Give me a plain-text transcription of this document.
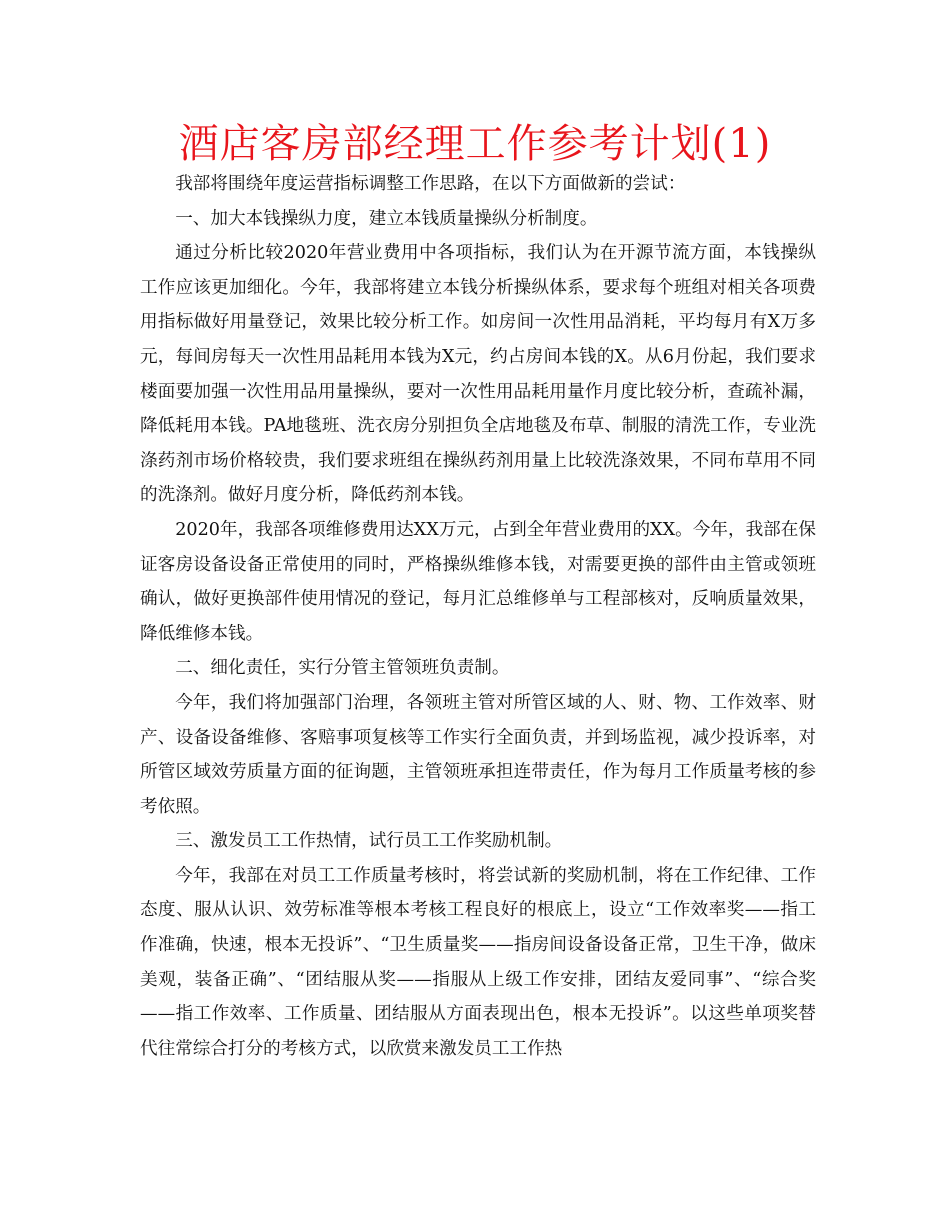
酒店客房部经理工作参考计划(1)

我部将围绕年度运营指标调整工作思路，在以下方面做新的尝试：

一、加大本钱操纵力度，建立本钱质量操纵分析制度。

通过分析比较2020年营业费用中各项指标，我们认为在开源节流方面，本钱操纵工作应该更加细化。今年，我部将建立本钱分析操纵体系，要求每个班组对相关各项费用指标做好用量登记，效果比较分析工作。如房间一次性用品消耗，平均每月有X万多元，每间房每天一次性用品耗用本钱为X元，约占房间本钱的X。从6月份起，我们要求楼面要加强一次性用品用量操纵，要对一次性用品耗用量作月度比较分析，查疏补漏，降低耗用本钱。PA地毯班、洗衣房分别担负全店地毯及布草、制服的清洗工作，专业洗涤药剂市场价格较贵，我们要求班组在操纵药剂用量上比较洗涤效果，不同布草用不同的洗涤剂。做好月度分析，降低药剂本钱。

2020年，我部各项维修费用达XX万元，占到全年营业费用的XX。今年，我部在保证客房设备设备正常使用的同时，严格操纵维修本钱，对需要更换的部件由主管或领班确认，做好更换部件使用情况的登记，每月汇总维修单与工程部核对，反响质量效果，降低维修本钱。

二、细化责任，实行分管主管领班负责制。

今年，我们将加强部门治理，各领班主管对所管区域的人、财、物、工作效率、财产、设备设备维修、客赔事项复核等工作实行全面负责，并到场监视，减少投诉率，对所管区域效劳质量方面的征询题，主管领班承担连带责任，作为每月工作质量考核的参考依照。

三、激发员工工作热情，试行员工工作奖励机制。

今年，我部在对员工工作质量考核时，将尝试新的奖励机制，将在工作纪律、工作态度、服从认识、效劳标准等根本考核工程良好的根底上，设立“工作效率奖——指工作准确，快速，根本无投诉”、“卫生质量奖——指房间设备设备正常，卫生干净，做床美观，装备正确”、“团结服从奖——指服从上级工作安排，团结友爱同事”、“综合奖——指工作效率、工作质量、团结服从方面表现出色，根本无投诉”。以这些单项奖替代往常综合打分的考核方式，以欣赏来激发员工工作热
